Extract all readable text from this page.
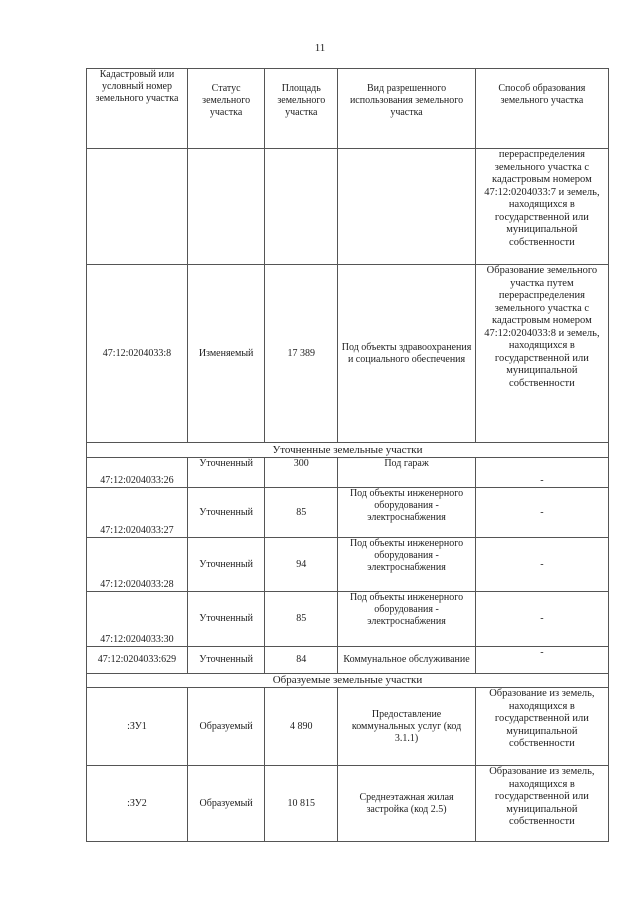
11
Кадастровый или условный номер земельного участка	Статус земельного участка	Площадь земельного участка	Вид разрешенного использования земельного участка	Способ образования земельного участка
				перераспределения земельного участка с кадастровым номером 47:12:0204033:7 и земель, находящихся в государственной или муниципальной собственности
47:12:0204033:8	Изменяемый	17 389	Под объекты здравоохранения и социального обеспечения	Образование земельного участка путем перераспределения земельного участка с кадастровым номером 47:12:0204033:8 и земель, находящихся в государственной или муниципальной собственности
Уточненные земельные участки				
47:12:0204033:26	Уточненный	300	Под гараж	-
47:12:0204033:27	Уточненный	85	Под объекты инженерного оборудования - электроснабжения	-
47:12:0204033:28	Уточненный	94	Под объекты инженерного оборудования - электроснабжения	-
47:12:0204033:30	Уточненный	85	Под объекты инженерного оборудования - электроснабжения	-
47:12:0204033:629	Уточненный	84	Коммунальное обслуживание	-
Образуемые земельные участки				
:ЗУ1	Образуемый	4 890	Предоставление коммунальных услуг (код 3.1.1)	Образование из земель, находящихся в государственной или муниципальной собственности
:ЗУ2	Образуемый	10 815	Среднеэтажная жилая застройка (код 2.5)	Образование из земель, находящихся в государственной или муниципальной собственности
